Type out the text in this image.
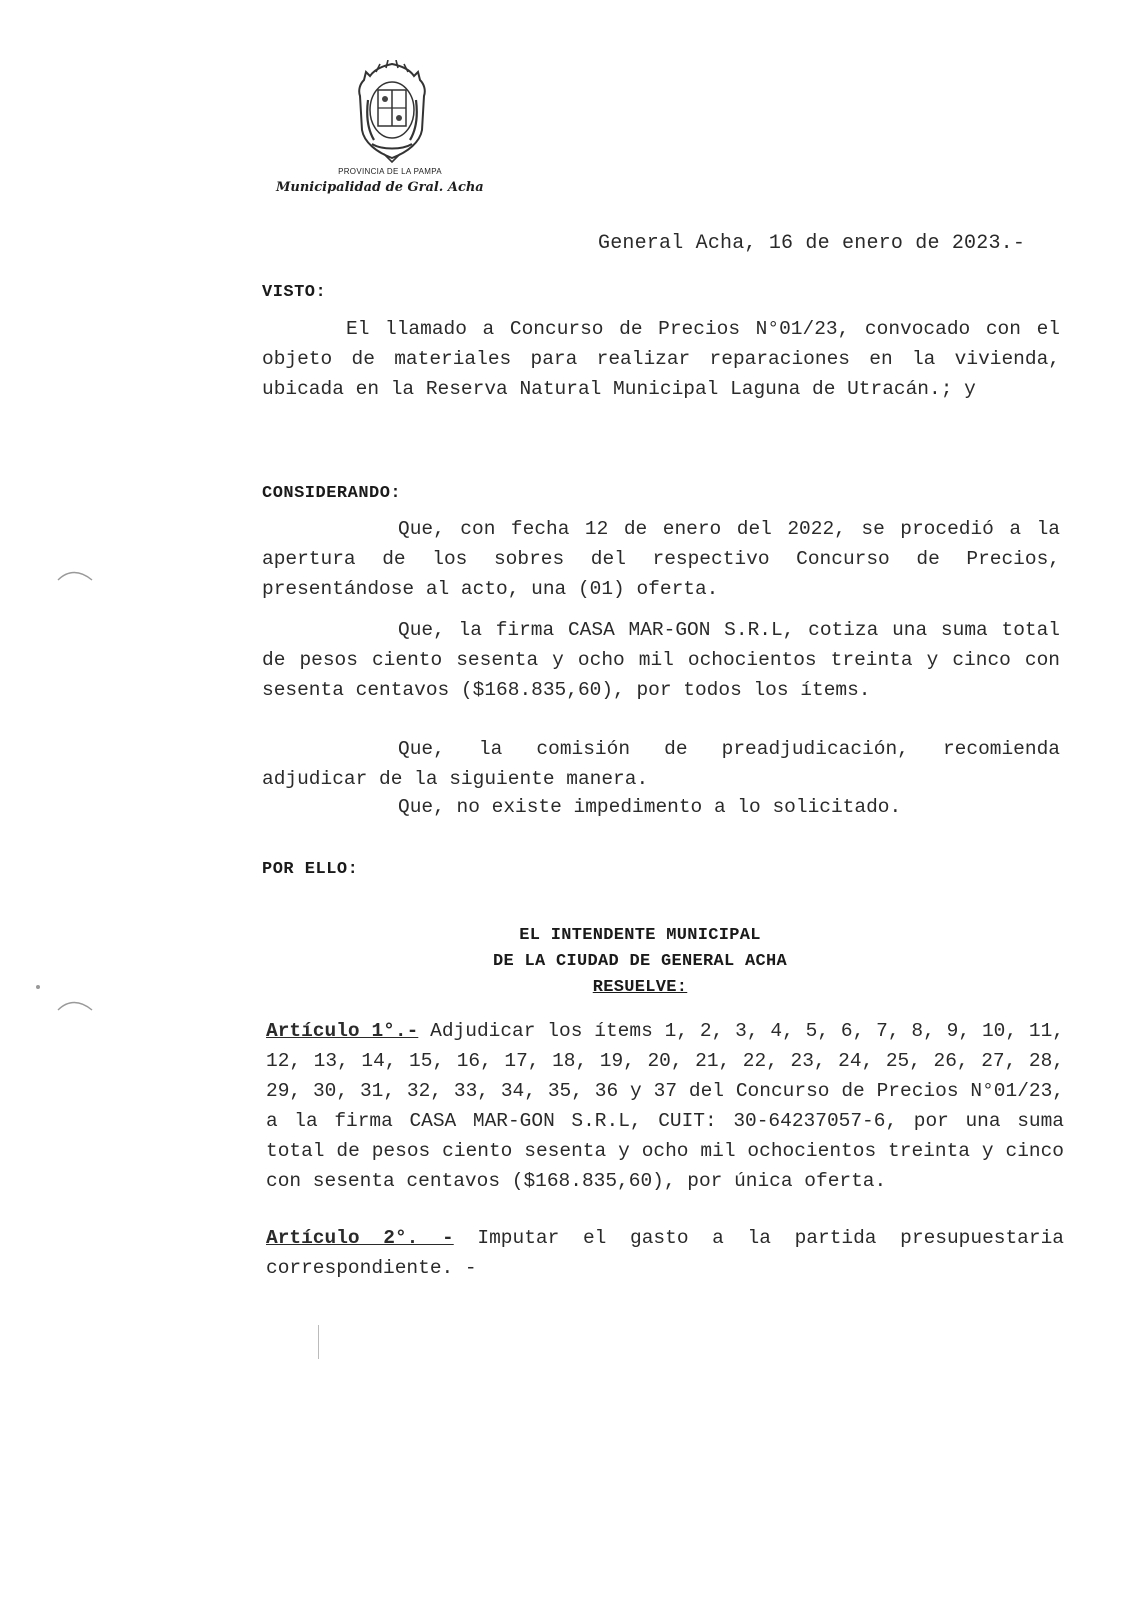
PROVINCIA DE LA PAMPA
Municipalidad de Gral. Acha
General Acha, 16 de enero de 2023.-
VISTO:
El llamado a Concurso de Precios N°01/23, convocado con el objeto de materiales para realizar reparaciones en la vivienda, ubicada en la Reserva Natural Municipal Laguna de Utracán.; y
CONSIDERANDO:
Que, con fecha 12 de enero del 2022, se procedió a la apertura de los sobres del respectivo Concurso de Precios, presentándose al acto, una (01) oferta.
Que, la firma CASA MAR-GON S.R.L, cotiza una suma total de pesos ciento sesenta y ocho mil ochocientos treinta y cinco con sesenta centavos ($168.835,60), por todos los ítems.
Que, la comisión de preadjudicación, recomienda adjudicar de la siguiente manera.
Que, no existe impedimento a lo solicitado.
POR ELLO:
EL INTENDENTE MUNICIPAL
DE LA CIUDAD DE GENERAL ACHA
RESUELVE:
Artículo 1°.- Adjudicar los ítems 1, 2, 3, 4, 5, 6, 7, 8, 9, 10, 11, 12, 13, 14, 15, 16, 17, 18, 19, 20, 21, 22, 23, 24, 25, 26, 27, 28, 29, 30, 31, 32, 33, 34, 35, 36 y 37 del Concurso de Precios N°01/23, a la firma CASA MAR-GON S.R.L, CUIT: 30-64237057-6, por una suma total de pesos ciento sesenta y ocho mil ochocientos treinta y cinco con sesenta centavos ($168.835,60), por única oferta.
Artículo 2°. - Imputar el gasto a la partida presupuestaria correspondiente. -
